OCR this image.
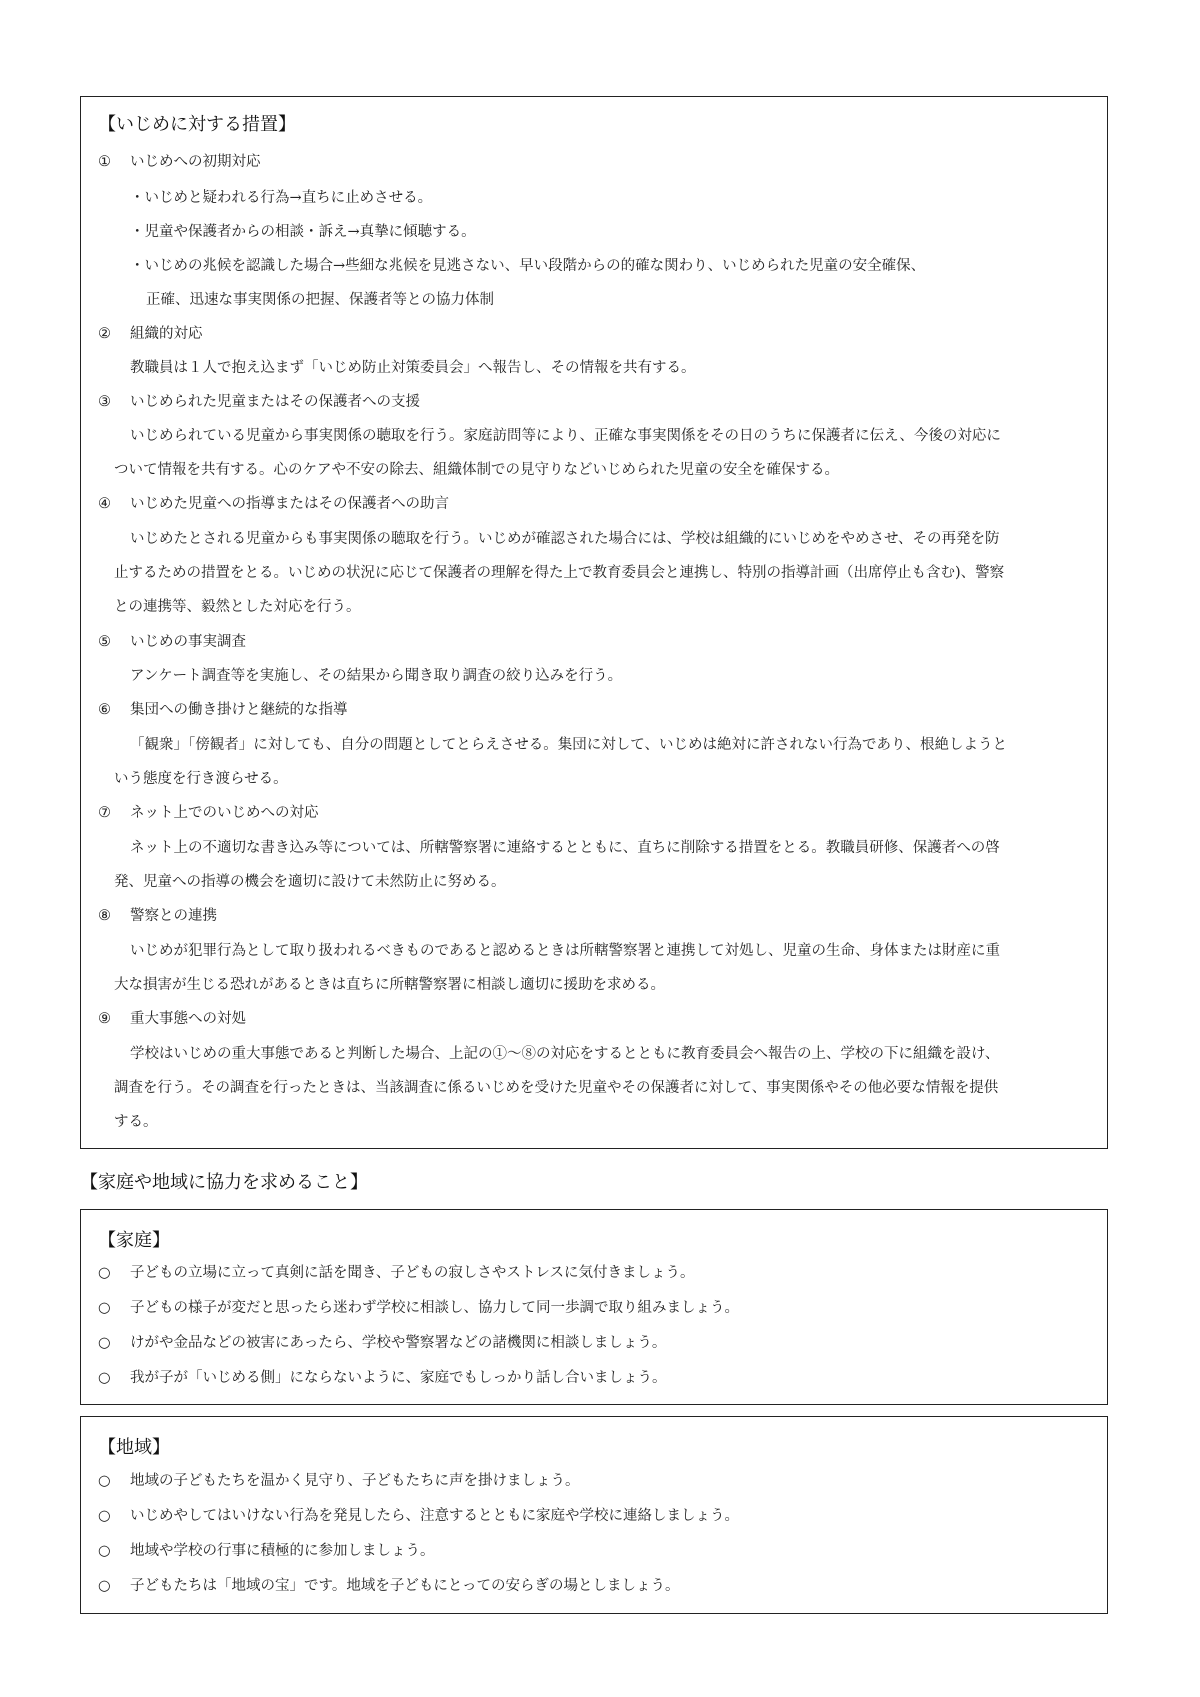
【いじめに対する措置】
① いじめへの初期対応
・いじめと疑われる行為→直ちに止めさせる。
・児童や保護者からの相談・訴え→真摯に傾聴する。
・いじめの兆候を認識した場合→些細な兆候を見逃さない、早い段階からの的確な関わり、いじめられた児童の安全確保、
正確、迅速な事実関係の把握、保護者等との協力体制
② 組織的対応
教職員は１人で抱え込まず「いじめ防止対策委員会」へ報告し、その情報を共有する。
③ いじめられた児童またはその保護者への支援
いじめられている児童から事実関係の聴取を行う。家庭訪問等により、正確な事実関係をその日のうちに保護者に伝え、今後の対応に
ついて情報を共有する。心のケアや不安の除去、組織体制での見守りなどいじめられた児童の安全を確保する。
④ いじめた児童への指導またはその保護者への助言
いじめたとされる児童からも事実関係の聴取を行う。いじめが確認された場合には、学校は組織的にいじめをやめさせ、その再発を防
止するための措置をとる。いじめの状況に応じて保護者の理解を得た上で教育委員会と連携し、特別の指導計画（出席停止も含む)、警察
との連携等、毅然とした対応を行う。
⑤ いじめの事実調査
アンケート調査等を実施し、その結果から聞き取り調査の絞り込みを行う。
⑥ 集団への働き掛けと継続的な指導
「観衆」「傍観者」に対しても、自分の問題としてとらえさせる。集団に対して、いじめは絶対に許されない行為であり、根絶しようと
いう態度を行き渡らせる。
⑦ ネット上でのいじめへの対応
ネット上の不適切な書き込み等については、所轄警察署に連絡するとともに、直ちに削除する措置をとる。教職員研修、保護者への啓
発、児童への指導の機会を適切に設けて未然防止に努める。
⑧ 警察との連携
いじめが犯罪行為として取り扱われるべきものであると認めるときは所轄警察署と連携して対処し、児童の生命、身体または財産に重
大な損害が生じる恐れがあるときは直ちに所轄警察署に相談し適切に援助を求める。
⑨ 重大事態への対処
学校はいじめの重大事態であると判断した場合、上記の①～⑧の対応をするとともに教育委員会へ報告の上、学校の下に組織を設け、
調査を行う。その調査を行ったときは、当該調査に係るいじめを受けた児童やその保護者に対して、事実関係やその他必要な情報を提供
する。
【家庭や地域に協力を求めること】
【家庭】
○ 子どもの立場に立って真剣に話を聞き、子どもの寂しさやストレスに気付きましょう。
○ 子どもの様子が変だと思ったら迷わず学校に相談し、協力して同一歩調で取り組みましょう。
○ けがや金品などの被害にあったら、学校や警察署などの諸機関に相談しましょう。
○ 我が子が「いじめる側」にならないように、家庭でもしっかり話し合いましょう。
【地域】
○ 地域の子どもたちを温かく見守り、子どもたちに声を掛けましょう。
○ いじめやしてはいけない行為を発見したら、注意するとともに家庭や学校に連絡しましょう。
○ 地域や学校の行事に積極的に参加しましょう。
○ 子どもたちは「地域の宝」です。地域を子どもにとっての安らぎの場としましょう。
